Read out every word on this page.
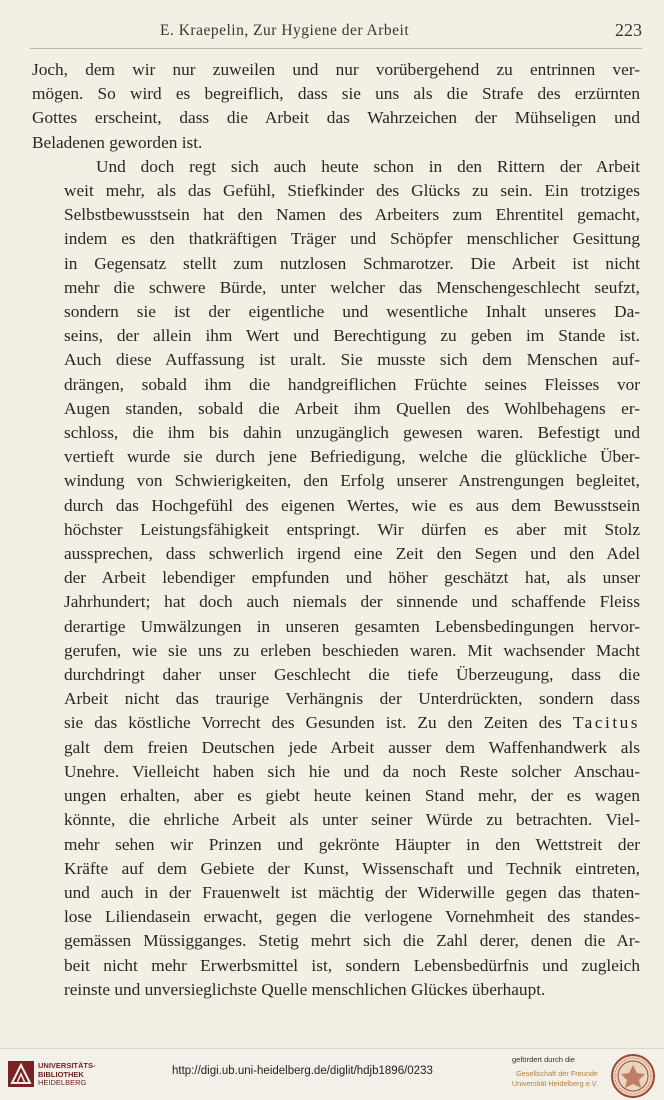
E. Kraepelin, Zur Hygiene der Arbeit	223

Joch, dem wir nur zuweilen und nur vorübergehend zu entrinnen ver-
mögen. So wird es begreiflich, dass sie uns als die Strafe des erzürnten
Gottes erscheint, dass die Arbeit das Wahrzeichen der Mühseligen und
Beladenen geworden ist.

Und doch regt sich auch heute schon in den Rittern der Arbeit
weit mehr, als das Gefühl, Stiefkinder des Glücks zu sein. Ein trotziges
Selbstbewusstsein hat den Namen des Arbeiters zum Ehrentitel gemacht,
indem es den thatkräftigen Träger und Schöpfer menschlicher Gesittung
in Gegensatz stellt zum nutzlosen Schmarotzer. Die Arbeit ist nicht
mehr die schwere Bürde, unter welcher das Menschengeschlecht seufzt,
sondern sie ist der eigentliche und wesentliche Inhalt unseres Da-
seins, der allein ihm Wert und Berechtigung zu geben im Stande ist.
Auch diese Auffassung ist uralt. Sie musste sich dem Menschen auf-
drängen, sobald ihm die handgreiflichen Früchte seines Fleisses vor
Augen standen, sobald die Arbeit ihm Quellen des Wohlbehagens er-
schloss, die ihm bis dahin unzugänglich gewesen waren. Befestigt und
vertieft wurde sie durch jene Befriedigung, welche die glückliche Über-
windung von Schwierigkeiten, den Erfolg unserer Anstrengungen begleitet,
durch das Hochgefühl des eigenen Wertes, wie es aus dem Bewusstsein
höchster Leistungsfähigkeit entspringt. Wir dürfen es aber mit Stolz
aussprechen, dass schwerlich irgend eine Zeit den Segen und den Adel
der Arbeit lebendiger empfunden und höher geschätzt hat, als unser
Jahrhundert; hat doch auch niemals der sinnende und schaffende Fleiss
derartige Umwälzungen in unseren gesamten Lebensbedingungen hervor-
gerufen, wie sie uns zu erleben beschieden waren. Mit wachsender Macht
durchdringt daher unser Geschlecht die tiefe Überzeugung, dass die
Arbeit nicht das traurige Verhängnis der Unterdrückten, sondern dass
sie das köstliche Vorrecht des Gesunden ist. Zu den Zeiten des Tacitus
galt dem freien Deutschen jede Arbeit ausser dem Waffenhandwerk als
Unehre. Vielleicht haben sich hie und da noch Reste solcher Anschau-
ungen erhalten, aber es giebt heute keinen Stand mehr, der es wagen
könnte, die ehrliche Arbeit als unter seiner Würde zu betrachten. Viel-
mehr sehen wir Prinzen und gekrönte Häupter in den Wettstreit der
Kräfte auf dem Gebiete der Kunst, Wissenschaft und Technik eintreten,
und auch in der Frauenwelt ist mächtig der Widerwille gegen das thaten-
lose Liliendasein erwacht, gegen die verlogene Vornehmheit des standes-
gemässen Müssigganges. Stetig mehrt sich die Zahl derer, denen die Ar-
beit nicht mehr Erwerbsmittel ist, sondern Lebensbedürfnis und zugleich
reinste und unversieglichste Quelle menschlichen Glückes überhaupt.

UNIVERSITÄTS-
BIBLIOTHEK
HEIDELBERG
http://digi.ub.uni-heidelberg.de/diglit/hdjb1896/0233
gefördert durch die
Gesellschaft der Freunde
Universität Heidelberg e.V.
